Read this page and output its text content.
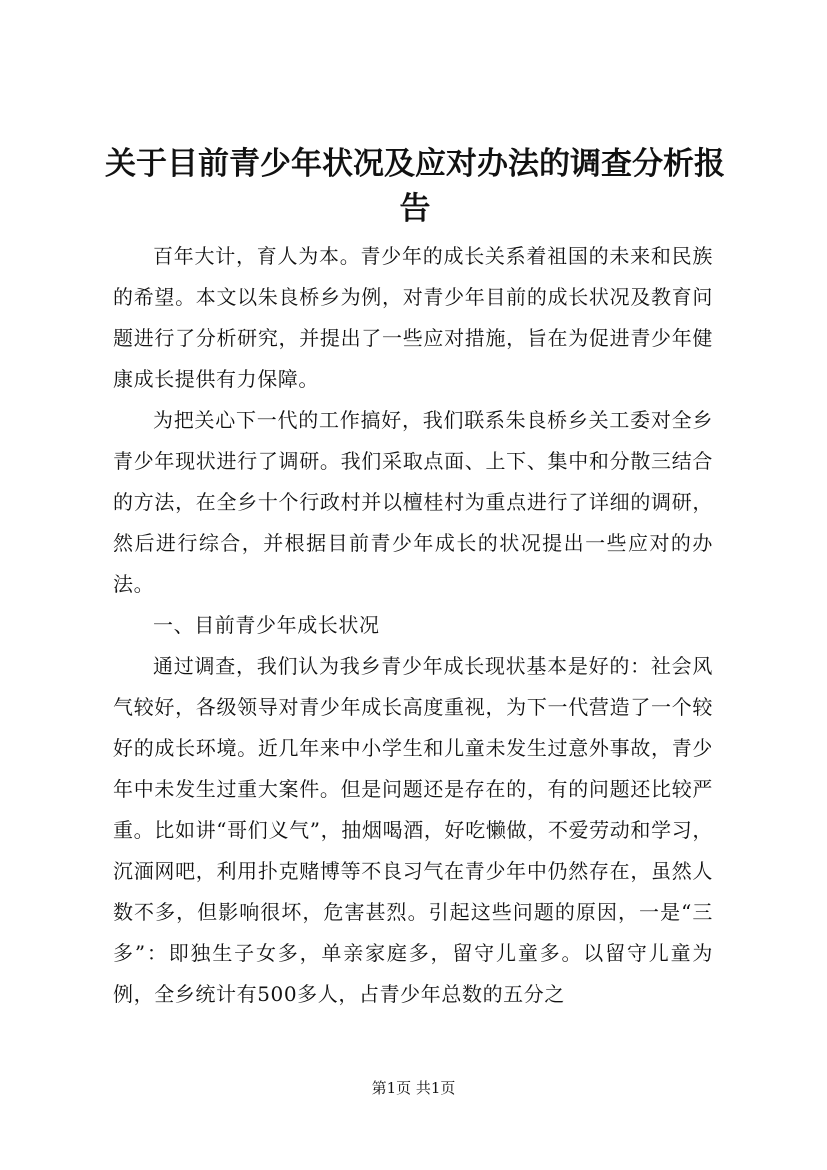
关于目前青少年状况及应对办法的调查分析报告

百年大计，育人为本。青少年的成长关系着祖国的未来和民族的希望。本文以朱良桥乡为例，对青少年目前的成长状况及教育问题进行了分析研究，并提出了一些应对措施，旨在为促进青少年健康成长提供有力保障。

为把关心下一代的工作搞好，我们联系朱良桥乡关工委对全乡青少年现状进行了调研。我们采取点面、上下、集中和分散三结合的方法，在全乡十个行政村并以檀桂村为重点进行了详细的调研，然后进行综合，并根据目前青少年成长的状况提出一些应对的办法。

一、目前青少年成长状况

通过调查，我们认为我乡青少年成长现状基本是好的：社会风气较好，各级领导对青少年成长高度重视，为下一代营造了一个较好的成长环境。近几年来中小学生和儿童未发生过意外事故，青少年中未发生过重大案件。但是问题还是存在的，有的问题还比较严重。比如讲“哥们义气”，抽烟喝酒，好吃懒做，不爱劳动和学习，沉湎网吧，利用扑克赌博等不良习气在青少年中仍然存在，虽然人数不多，但影响很坏，危害甚烈。引起这些问题的原因，一是“三多”：即独生子女多，单亲家庭多，留守儿童多。以留守儿童为例，全乡统计有500多人，占青少年总数的五分之

第1页 共1页
